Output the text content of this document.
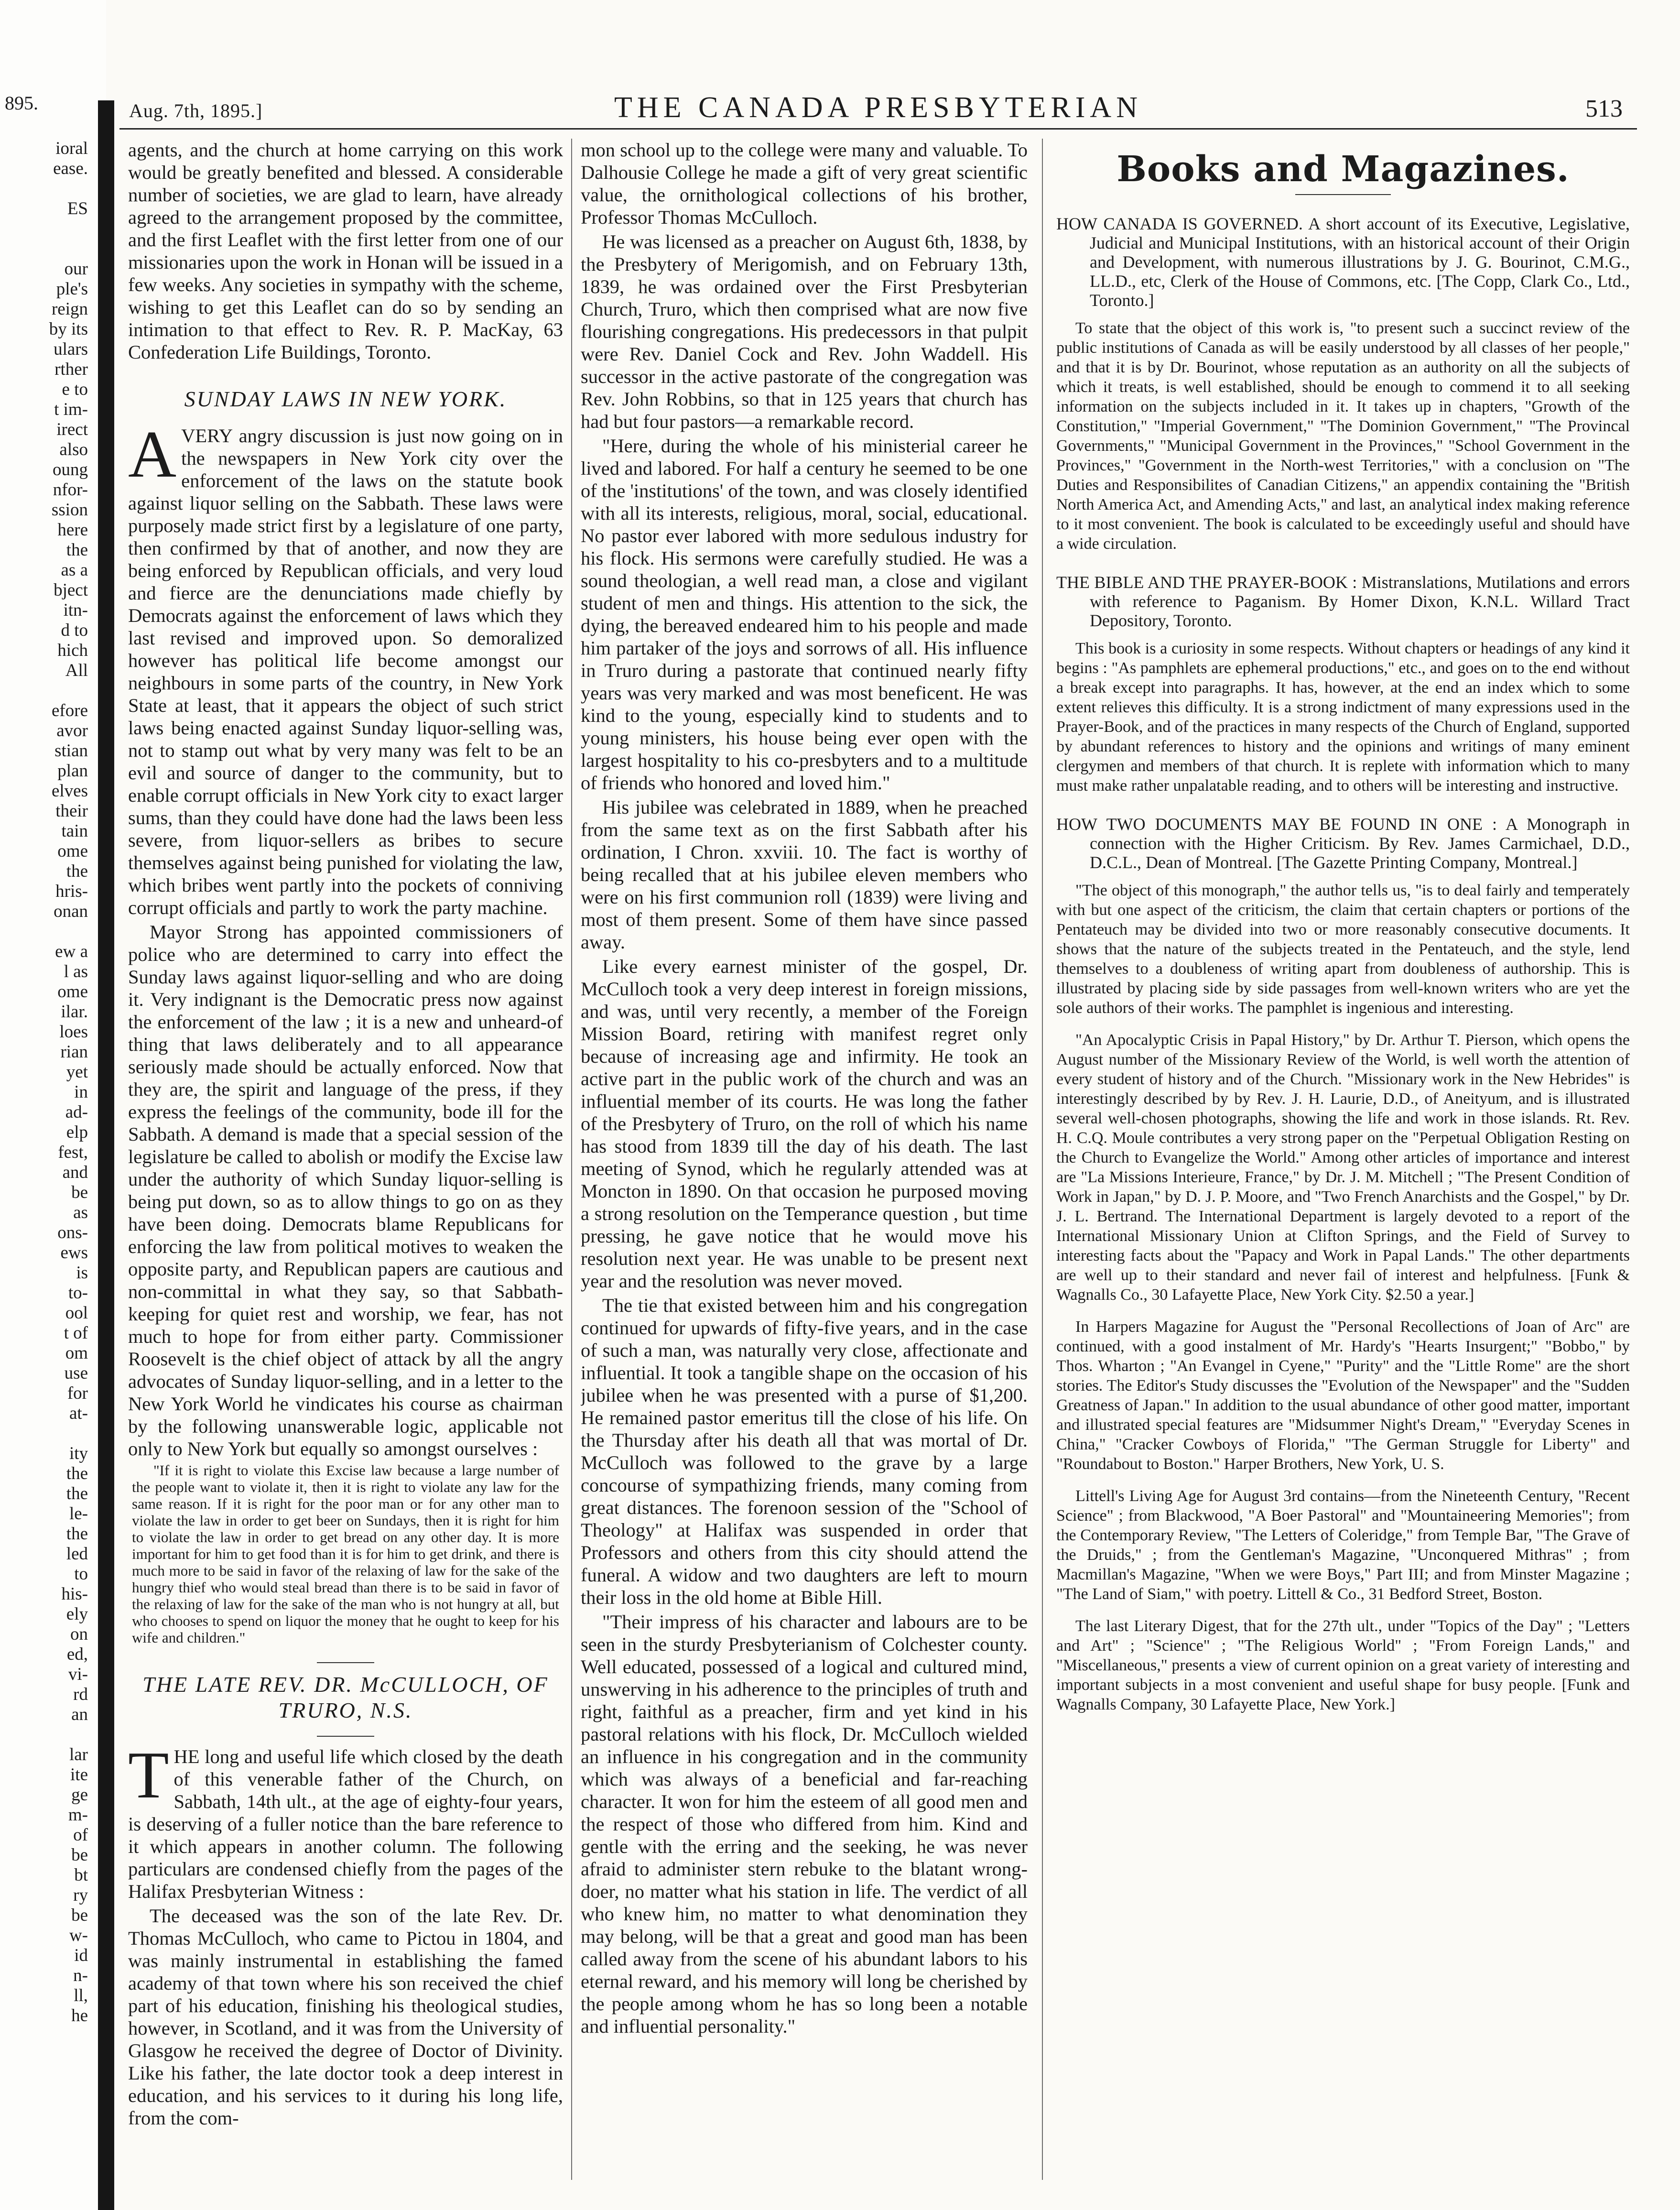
895.
ioral
ease.

ES

our
ple's
reign
by its
ulars
rther
e to
t im-
irect
also
oung
nfor-
ssion
here
the
as a
bject
itn-
d to
hich
All

efore
avor
stian
plan
elves
their
tain
ome
the
hris-
onan

ew a
l as
ome
ilar.
loes
rian
yet
in
ad-
elp
fest,
and
be
as
ons-
ews
is
to-
ool
t of
om
use
for
at-

ity
the
the
le-
the
led
to
his-
ely
on
ed,
vi-
rd
an

lar
ite
ge
m-
of
be
bt
ry
be
w-
id
n-
ll,
he
Aug. 7th, 1895.]	THE CANADA PRESBYTERIAN	513

agents, and the church at home carrying on this work would be greatly benefited and blessed. A considerable number of societies, we are glad to learn, have already agreed to the arrangement proposed by the committee, and the first Leaflet with the first letter from one of our missionaries upon the work in Honan will be issued in a few weeks. Any societies in sympathy with the scheme, wishing to get this Leaflet can do so by sending an intimation to that effect to Rev. R. P. MacKay, 63 Confederation Life Buildings, Toronto.

SUNDAY LAWS IN NEW YORK.

AVERY angry discussion is just now going on in the newspapers in New York city over the enforcement of the laws on the statute book against liquor selling on the Sabbath. These laws were purposely made strict first by a legislature of one party, then confirmed by that of another, and now they are being enforced by Republican officials, and very loud and fierce are the denunciations made chiefly by Democrats against the enforcement of laws which they last revised and improved upon. So demoralized however has political life become amongst our neighbours in some parts of the country, in New York State at least, that it appears the object of such strict laws being enacted against Sunday liquor-selling was, not to stamp out what by very many was felt to be an evil and source of danger to the community, but to enable corrupt officials in New York city to exact larger sums, than they could have done had the laws been less severe, from liquor-sellers as bribes to secure themselves against being punished for violating the law, which bribes went partly into the pockets of conniving corrupt officials and partly to work the party machine.

Mayor Strong has appointed commissioners of police who are determined to carry into effect the Sunday laws against liquor-selling and who are doing it. Very indignant is the Democratic press now against the enforcement of the law ; it is a new and unheard-of thing that laws deliberately and to all appearance seriously made should be actually enforced. Now that they are, the spirit and language of the press, if they express the feelings of the community, bode ill for the Sabbath. A demand is made that a special session of the legislature be called to abolish or modify the Excise law under the authority of which Sunday liquor-selling is being put down, so as to allow things to go on as they have been doing. Democrats blame Republicans for enforcing the law from political motives to weaken the opposite party, and Republican papers are cautious and non-committal in what they say, so that Sabbath-keeping for quiet rest and worship, we fear, has not much to hope for from either party. Commissioner Roosevelt is the chief object of attack by all the angry advocates of Sunday liquor-selling, and in a letter to the New York World he vindicates his course as chairman by the following unanswerable logic, applicable not only to New York but equally so amongst ourselves :

"If it is right to violate this Excise law because a large number of the people want to violate it, then it is right to violate any law for the same reason. If it is right for the poor man or for any other man to violate the law in order to get beer on Sundays, then it is right for him to violate the law in order to get bread on any other day. It is more important for him to get food than it is for him to get drink, and there is much more to be said in favor of the relaxing of law for the sake of the hungry thief who would steal bread than there is to be said in favor of the relaxing of law for the sake of the man who is not hungry at all, but who chooses to spend on liquor the money that he ought to keep for his wife and children."

THE LATE REV. DR. McCULLOCH, OF TRURO, N.S.

THE long and useful life which closed by the death of this venerable father of the Church, on Sabbath, 14th ult., at the age of eighty-four years, is deserving of a fuller notice than the bare reference to it which appears in another column. The following particulars are condensed chiefly from the pages of the Halifax Presbyterian Witness :

The deceased was the son of the late Rev. Dr. Thomas McCulloch, who came to Pictou in 1804, and was mainly instrumental in establishing the famed academy of that town where his son received the chief part of his education, finishing his theological studies, however, in Scotland, and it was from the University of Glasgow he received the degree of Doctor of Divinity. Like his father, the late doctor took a deep interest in education, and his services to it during his long life, from the com-

mon school up to the college were many and valuable. To Dalhousie College he made a gift of very great scientific value, the ornithological collections of his brother, Professor Thomas McCulloch.

He was licensed as a preacher on August 6th, 1838, by the Presbytery of Merigomish, and on February 13th, 1839, he was ordained over the First Presbyterian Church, Truro, which then comprised what are now five flourishing congregations. His predecessors in that pulpit were Rev. Daniel Cock and Rev. John Waddell. His successor in the active pastorate of the congregation was Rev. John Robbins, so that in 125 years that church has had but four pastors—a remarkable record.

"Here, during the whole of his ministerial career he lived and labored. For half a century he seemed to be one of the 'institutions' of the town, and was closely identified with all its interests, religious, moral, social, educational. No pastor ever labored with more sedulous industry for his flock. His sermons were carefully studied. He was a sound theologian, a well read man, a close and vigilant student of men and things. His attention to the sick, the dying, the bereaved endeared him to his people and made him partaker of the joys and sorrows of all. His influence in Truro during a pastorate that continued nearly fifty years was very marked and was most beneficent. He was kind to the young, especially kind to students and to young ministers, his house being ever open with the largest hospitality to his co-presbyters and to a multitude of friends who honored and loved him."

His jubilee was celebrated in 1889, when he preached from the same text as on the first Sabbath after his ordination, I Chron. xxviii. 10. The fact is worthy of being recalled that at his jubilee eleven members who were on his first communion roll (1839) were living and most of them present. Some of them have since passed away.

Like every earnest minister of the gospel, Dr. McCulloch took a very deep interest in foreign missions, and was, until very recently, a member of the Foreign Mission Board, retiring with manifest regret only because of increasing age and infirmity. He took an active part in the public work of the church and was an influential member of its courts. He was long the father of the Presbytery of Truro, on the roll of which his name has stood from 1839 till the day of his death. The last meeting of Synod, which he regularly attended was at Moncton in 1890. On that occasion he purposed moving a strong resolution on the Temperance question , but time pressing, he gave notice that he would move his resolution next year. He was unable to be present next year and the resolution was never moved.

The tie that existed between him and his congregation continued for upwards of fifty-five years, and in the case of such a man, was naturally very close, affectionate and influential. It took a tangible shape on the occasion of his jubilee when he was presented with a purse of $1,200. He remained pastor emeritus till the close of his life. On the Thursday after his death all that was mortal of Dr. McCulloch was followed to the grave by a large concourse of sympathizing friends, many coming from great distances. The forenoon session of the "School of Theology" at Halifax was suspended in order that Professors and others from this city should attend the funeral. A widow and two daughters are left to mourn their loss in the old home at Bible Hill.

"Their impress of his character and labours are to be seen in the sturdy Presbyterianism of Colchester county. Well educated, possessed of a logical and cultured mind, unswerving in his adherence to the principles of truth and right, faithful as a preacher, firm and yet kind in his pastoral relations with his flock, Dr. McCulloch wielded an influence in his congregation and in the community which was always of a beneficial and far-reaching character. It won for him the esteem of all good men and the respect of those who differed from him. Kind and gentle with the erring and the seeking, he was never afraid to administer stern rebuke to the blatant wrong-doer, no matter what his station in life. The verdict of all who knew him, no matter to what denomination they may belong, will be that a great and good man has been called away from the scene of his abundant labors to his eternal reward, and his memory will long be cherished by the people among whom he has so long been a notable and influential personality."

Books and Magazines.
HOW CANADA IS GOVERNED. A short account of its Executive, Legislative, Judicial and Municipal Institutions, with an historical account of their Origin and Development, with numerous illustrations by J. G. Bourinot, C.M.G., LL.D., etc, Clerk of the House of Commons, etc. [The Copp, Clark Co., Ltd., Toronto.]

To state that the object of this work is, "to present such a succinct review of the public institutions of Canada as will be easily understood by all classes of her people," and that it is by Dr. Bourinot, whose reputation as an authority on all the subjects of which it treats, is well established, should be enough to commend it to all seeking information on the subjects included in it. It takes up in chapters, "Growth of the Constitution," "Imperial Government," "The Dominion Government," "The Provincal Governments," "Municipal Government in the Provinces," "School Government in the Provinces," "Government in the North-west Territories," with a conclusion on "The Duties and Responsibilites of Canadian Citizens," an appendix containing the "British North America Act, and Amending Acts," and last, an analytical index making reference to it most convenient. The book is calculated to be exceedingly useful and should have a wide circulation.

THE BIBLE AND THE PRAYER-BOOK : Mistranslations, Mutilations and errors with reference to Paganism. By Homer Dixon, K.N.L. Willard Tract Depository, Toronto.

This book is a curiosity in some respects. Without chapters or headings of any kind it begins : "As pamphlets are ephemeral productions," etc., and goes on to the end without a break except into paragraphs. It has, however, at the end an index which to some extent relieves this difficulty. It is a strong indictment of many expressions used in the Prayer-Book, and of the practices in many respects of the Church of England, supported by abundant references to history and the opinions and writings of many eminent clergymen and members of that church. It is replete with information which to many must make rather unpalatable reading, and to others will be interesting and instructive.

HOW TWO DOCUMENTS MAY BE FOUND IN ONE : A Monograph in connection with the Higher Criticism. By Rev. James Carmichael, D.D., D.C.L., Dean of Montreal. [The Gazette Printing Company, Montreal.]

"The object of this monograph," the author tells us, "is to deal fairly and temperately with but one aspect of the criticism, the claim that certain chapters or portions of the Pentateuch may be divided into two or more reasonably consecutive documents. It shows that the nature of the subjects treated in the Pentateuch, and the style, lend themselves to a doubleness of writing apart from doubleness of authorship. This is illustrated by placing side by side passages from well-known writers who are yet the sole authors of their works. The pamphlet is ingenious and interesting.

"An Apocalyptic Crisis in Papal History," by Dr. Arthur T. Pierson, which opens the August number of the Missionary Review of the World, is well worth the attention of every student of history and of the Church. "Missionary work in the New Hebrides" is interestingly described by by Rev. J. H. Laurie, D.D., of Aneityum, and is illustrated several well-chosen photographs, showing the life and work in those islands. Rt. Rev. H. C.Q. Moule contributes a very strong paper on the "Perpetual Obligation Resting on the Church to Evangelize the World." Among other articles of importance and interest are "La Missions Interieure, France," by Dr. J. M. Mitchell ; "The Present Condition of Work in Japan," by D. J. P. Moore, and "Two French Anarchists and the Gospel," by Dr. J. L. Bertrand. The International Department is largely devoted to a report of the International Missionary Union at Clifton Springs, and the Field of Survey to interesting facts about the "Papacy and Work in Papal Lands." The other departments are well up to their standard and never fail of interest and helpfulness. [Funk & Wagnalls Co., 30 Lafayette Place, New York City. $2.50 a year.]

In Harpers Magazine for August the "Personal Recollections of Joan of Arc" are continued, with a good instalment of Mr. Hardy's "Hearts Insurgent;" "Bobbo," by Thos. Wharton ; "An Evangel in Cyene," "Purity" and the "Little Rome" are the short stories. The Editor's Study discusses the "Evolution of the Newspaper" and the "Sudden Greatness of Japan." In addition to the usual abundance of other good matter, important and illustrated special features are "Midsummer Night's Dream," "Everyday Scenes in China," "Cracker Cowboys of Florida," "The German Struggle for Liberty" and "Roundabout to Boston." Harper Brothers, New York, U. S.

Littell's Living Age for August 3rd contains—from the Nineteenth Century, "Recent Science" ; from Blackwood, "A Boer Pastoral" and "Mountaineering Memories"; from the Contemporary Review, "The Letters of Coleridge," from Temple Bar, "The Grave of the Druids," ; from the Gentleman's Magazine, "Unconquered Mithras" ; from Macmillan's Magazine, "When we were Boys," Part III; and from Minster Magazine ; "The Land of Siam," with poetry. Littell & Co., 31 Bedford Street, Boston.

The last Literary Digest, that for the 27th ult., under "Topics of the Day" ; "Letters and Art" ; "Science" ; "The Religious World" ; "From Foreign Lands," and "Miscellaneous," presents a view of current opinion on a great variety of interesting and important subjects in a most convenient and useful shape for busy people. [Funk and Wagnalls Company, 30 Lafayette Place, New York.]
